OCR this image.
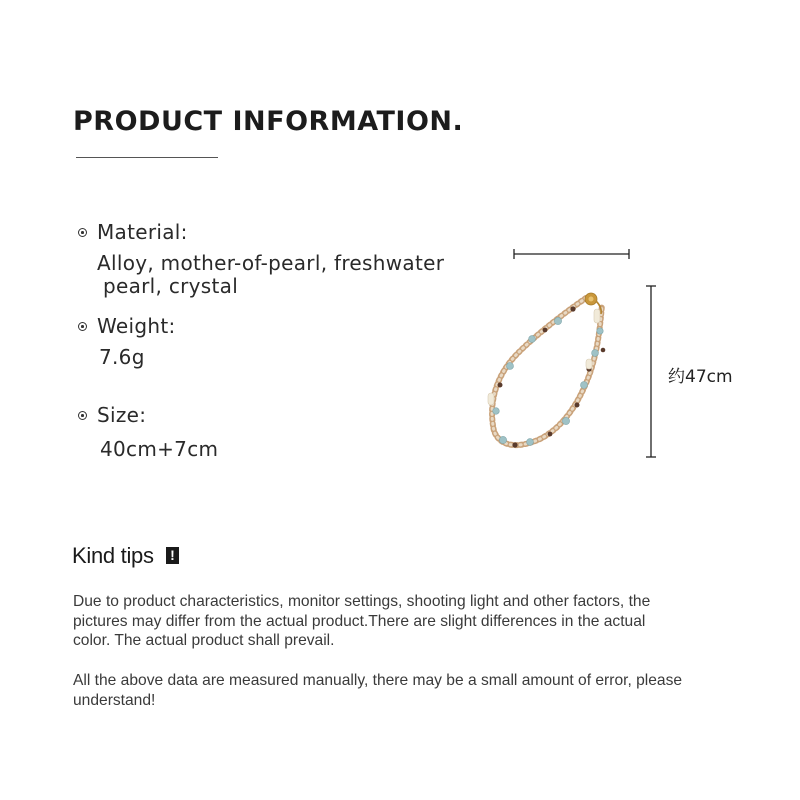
PRODUCT INFORMATION.
Material:
Alloy, mother-of-pearl, freshwater
pearl, crystal
Weight:
7.6g
Size:
40cm+7cm
约47cm
Kind tips !
Due to product characteristics, monitor settings, shooting light and other factors, the
pictures may differ from the actual product.There are slight differences in the actual
color. The actual product shall prevail.
All the above data are measured manually, there may be a small amount of error, please
understand!
